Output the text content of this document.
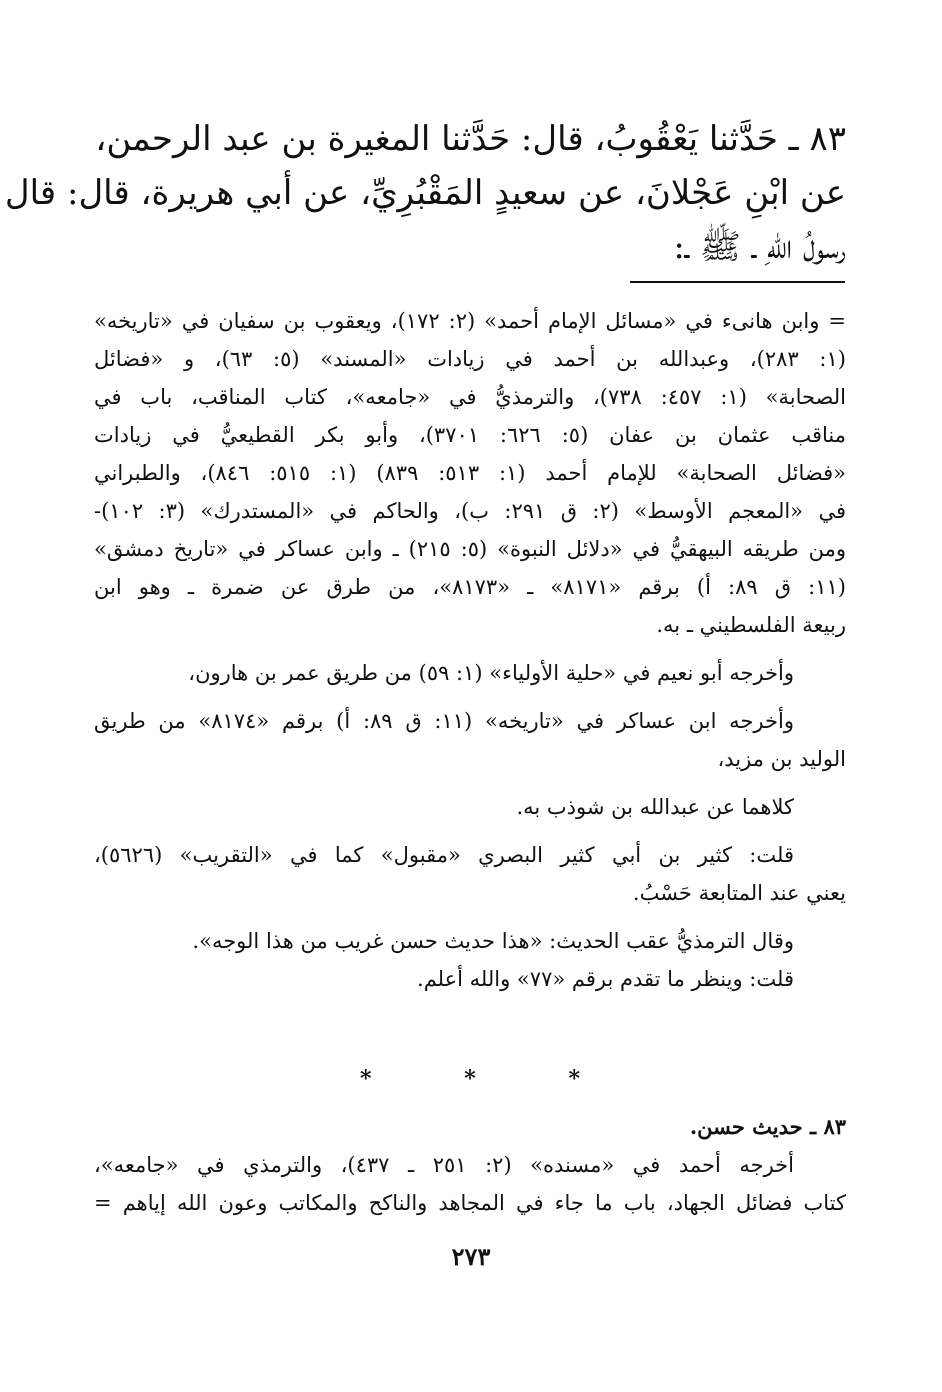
٨٣ ـ حَدَّثنا يَعْقُوبُ، قال: حَدَّثنا المغيرة بن عبد الرحمن،
عن ابْنِ عَجْلانَ، عن سعيدٍ المَقْبُرِيِّ، عن أبي هريرة، قال: قال
رسولُ اللهِ ـ ﷺ ـ:
= وابن هانىء في «مسائل الإمام أحمد» (٢: ١٧٢)، ويعقوب بن سفيان في «تاريخه»
(١: ٢٨٣)، وعبدالله بن أحمد في زيادات «المسند» (٥: ٦٣)، و «فضائل
الصحابة» (١: ٤٥٧: ٧٣٨)، والترمذيُّ في «جامعه»، كتاب المناقب، باب في
مناقب عثمان بن عفان (٥: ٦٢٦: ٣٧٠١)، وأبو بكر القطيعيُّ في زيادات
«فضائل الصحابة» للإمام أحمد (١: ٥١٣: ٨٣٩) (١: ٥١٥: ٨٤٦)، والطبراني
في «المعجم الأوسط» (٢: ق ٢٩١: ب)، والحاكم في «المستدرك» (٣: ١٠٢)-
ومن طريقه البيهقيُّ في «دلائل النبوة» (٥: ٢١٥) ـ وابن عساكر في «تاريخ دمشق»
(١١: ق ٨٩: أ) برقم «٨١٧١» ـ «٨١٧٣»، من طرق عن ضمرة ـ وهو ابن
ربيعة الفلسطيني ـ به.
وأخرجه أبو نعيم في «حلية الأولياء» (١: ٥٩) من طريق عمر بن هارون،
وأخرجه ابن عساكر في «تاريخه» (١١: ق ٨٩: أ) برقم «٨١٧٤» من طريق
الوليد بن مزيد،
كلاهما عن عبدالله بن شوذب به.
قلت: كثير بن أبي كثير البصري «مقبول» كما في «التقريب» (٥٦٢٦)،
يعني عند المتابعة حَسْبُ.
وقال الترمذيُّ عقب الحديث: «هذا حديث حسن غريب من هذا الوجه».
قلت: وينظر ما تقدم برقم «٧٧» والله أعلم.
*	*	*
٨٣ ـ حديث حسن.
أخرجه أحمد في «مسنده» (٢: ٢٥١ ـ ٤٣٧)، والترمذي في «جامعه»،
كتاب فضائل الجهاد، باب ما جاء في المجاهد والناكح والمكاتب وعون الله إياهم =
٢٧٣
